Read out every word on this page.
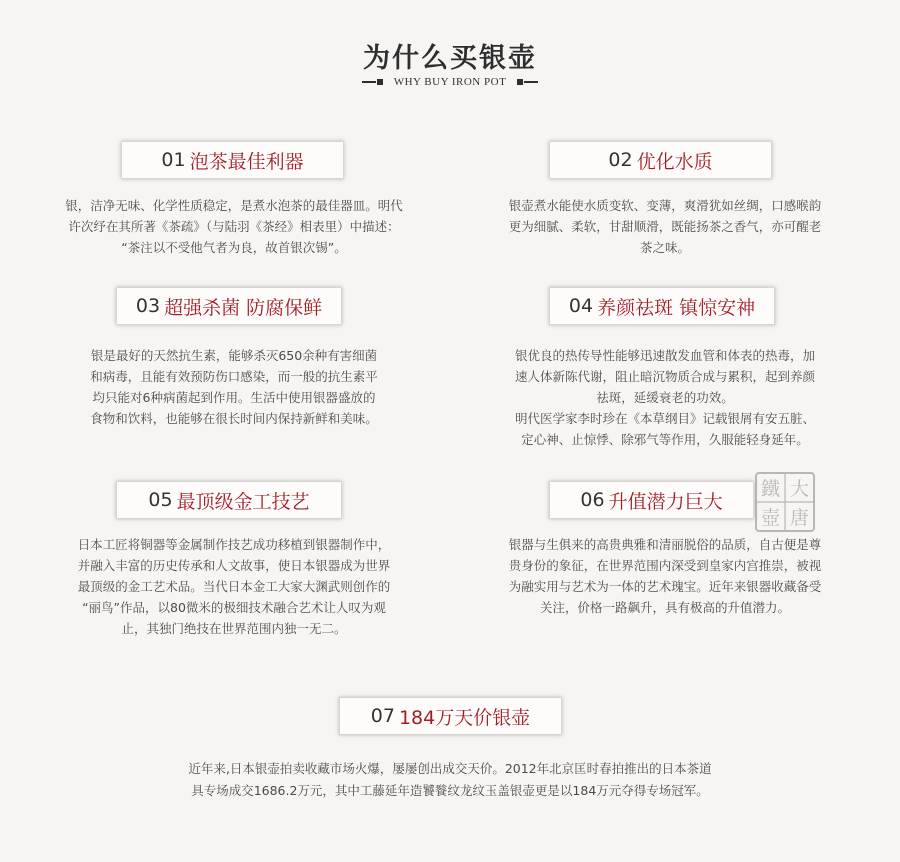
为什么买银壶
WHY BUY IRON POT
01 泡茶最佳利器

银，洁净无味、化学性质稳定，是煮水泡茶的最佳器皿。明代

许次纾在其所著《茶疏》（与陆羽《茶经》相表里）中描述：

“茶注以不受他气者为良，故首银次锡”。

02 优化水质

银壶煮水能使水质变软、变薄，爽滑犹如丝绸，口感喉韵

更为细腻、柔软，甘甜顺滑，既能扬茶之香气，亦可醒老

茶之味。

03 超强杀菌 防腐保鲜

银是最好的天然抗生素，能够杀灭650余种有害细菌

和病毒，且能有效预防伤口感染，而一般的抗生素平

均只能对6种病菌起到作用。生活中使用银器盛放的

食物和饮料，也能够在很长时间内保持新鲜和美味。

04 养颜祛斑 镇惊安神

银优良的热传导性能够迅速散发血管和体表的热毒，加

速人体新陈代谢，阻止暗沉物质合成与累积，起到养颜

祛斑，延缓衰老的功效。

明代医学家李时珍在《本草纲目》记载银屑有安五脏、

定心神、止惊悸、除邪气等作用，久服能轻身延年。

05 最顶级金工技艺

日本工匠将铜器等金属制作技艺成功移植到银器制作中，

并融入丰富的历史传承和人文故事，使日本银器成为世界

最顶级的金工艺术品。当代日本金工大家大渊武则创作的

“丽鸟”作品，以80微米的极细技术融合艺术让人叹为观

止，其独门绝技在世界范围内独一无二。

06 升值潜力巨大

银器与生俱来的高贵典雅和清丽脱俗的品质，自古便是尊

贵身份的象征，在世界范围内深受到皇家内宫推崇，被视

为融实用与艺术为一体的艺术瑰宝。近年来银器收藏备受

关注，价格一路飙升，具有极高的升值潜力。

鐵 大
壺 唐
07 184万天价银壶

近年来,日本银壶拍卖收藏市场火爆，屡屡创出成交天价。2012年北京匡时春拍推出的日本茶道

具专场成交1686.2万元，其中工藤延年造饕餮纹龙纹玉盖银壶更是以184万元夺得专场冠军。
